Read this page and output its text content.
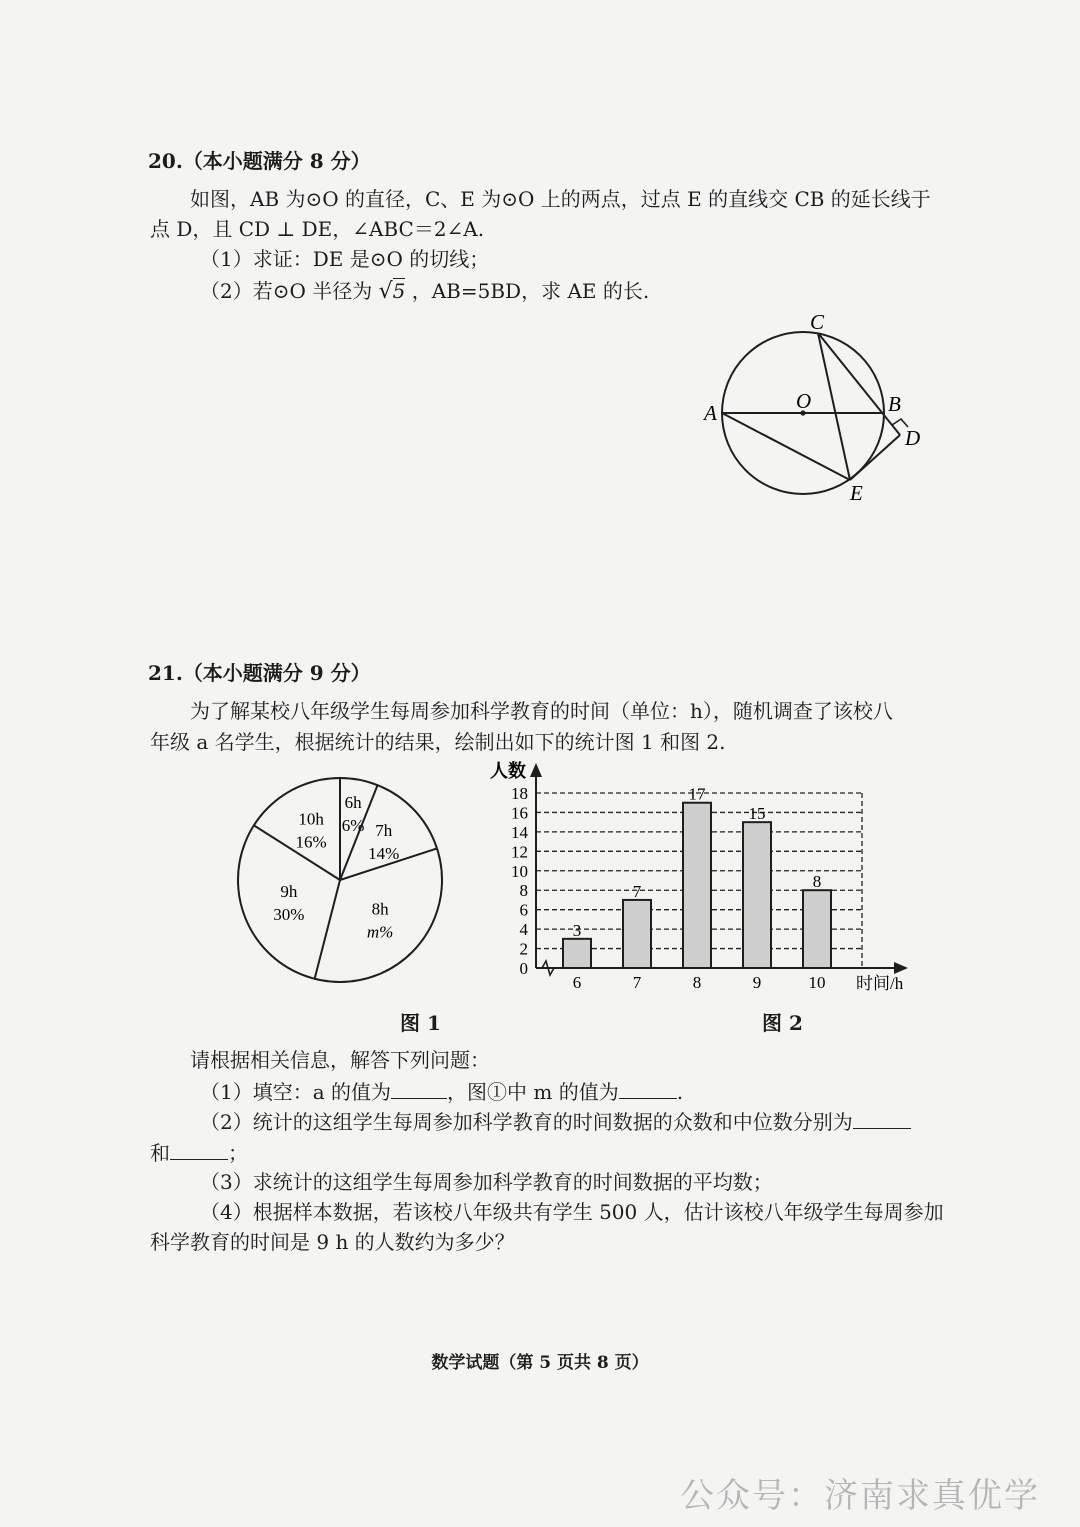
20.（本小题满分 8 分）
如图，AB 为⊙O 的直径，C、E 为⊙O 上的两点，过点 E 的直线交 CB 的延长线于
点 D，且 CD ⊥ DE，∠ABC＝2∠A.
（1）求证：DE 是⊙O 的切线；
（2）若⊙O 半径为 √5 ，AB=5BD，求 AE 的长.
C
O
A	B
D
E
21.（本小题满分 9 分）
为了解某校八年级学生每周参加科学教育的时间（单位：h），随机调查了该校八
年级 a 名学生，根据统计的结果，绘制出如下的统计图 1 和图 2.
6h
6% 7h
14%
8h
m%
9h
30%
10h
16%
人数
时间/h
0
2
4
6
8
10
12
14
16
18
3
6
7
7
17
8
15
9
8
10
图 1	图 2
请根据相关信息，解答下列问题：
（1）填空：a 的值为	，图①中 m 的值为	.
（2）统计的这组学生每周参加科学教育的时间数据的众数和中位数分别为
和	；
（3）求统计的这组学生每周参加科学教育的时间数据的平均数；
（4）根据样本数据，若该校八年级共有学生 500 人，估计该校八年级学生每周参加
科学教育的时间是 9 h 的人数约为多少？
数学试题（第 5 页共 8 页）
公众号：济南求真优学
